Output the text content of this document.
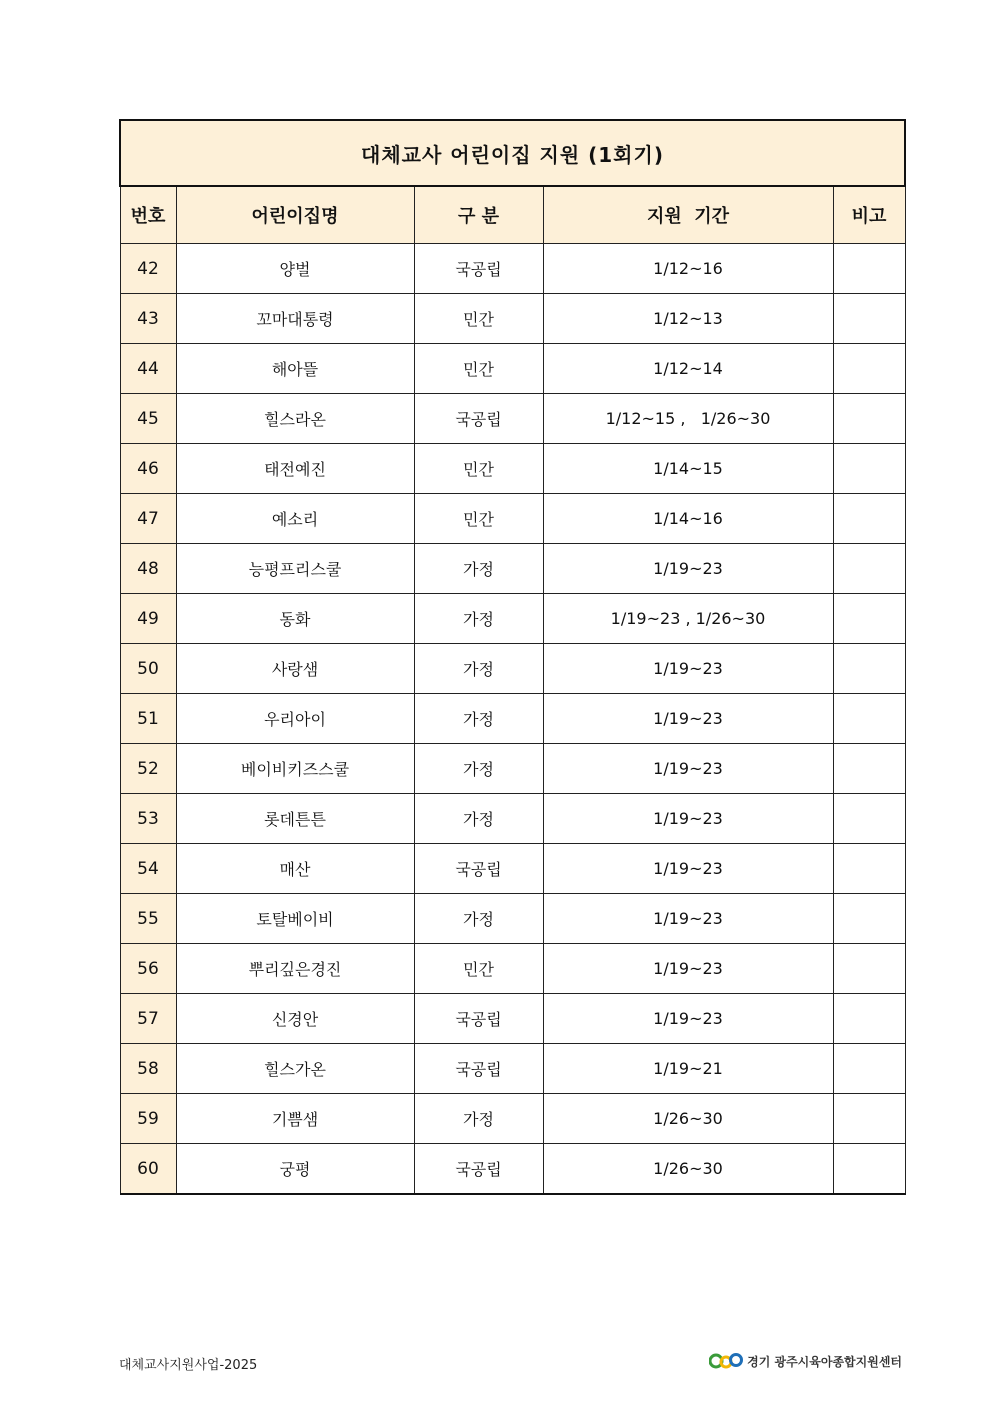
대체교사 어린이집 지원 (1회기)				
번호	어린이집명	구 분	지원  기간	비고
42	양벌	국공립	1/12~16	
43	꼬마대통령	민간	1/12~13	
44	해아뜰	민간	1/12~14	
45	힐스라온	국공립	1/12~15 ,   1/26~30	
46	태전예진	민간	1/14~15	
47	예소리	민간	1/14~16	
48	능평프리스쿨	가정	1/19~23	
49	동화	가정	1/19~23 , 1/26~30	
50	사랑샘	가정	1/19~23	
51	우리아이	가정	1/19~23	
52	베이비키즈스쿨	가정	1/19~23	
53	롯데튼튼	가정	1/19~23	
54	매산	국공립	1/19~23	
55	토탈베이비	가정	1/19~23	
56	뿌리깊은경진	민간	1/19~23	
57	신경안	국공립	1/19~23	
58	힐스가온	국공립	1/19~21	
59	기쁨샘	가정	1/26~30	
60	궁평	국공립	1/26~30	
대체교사지원사업-2025	경기 광주시육아종합지원센터
